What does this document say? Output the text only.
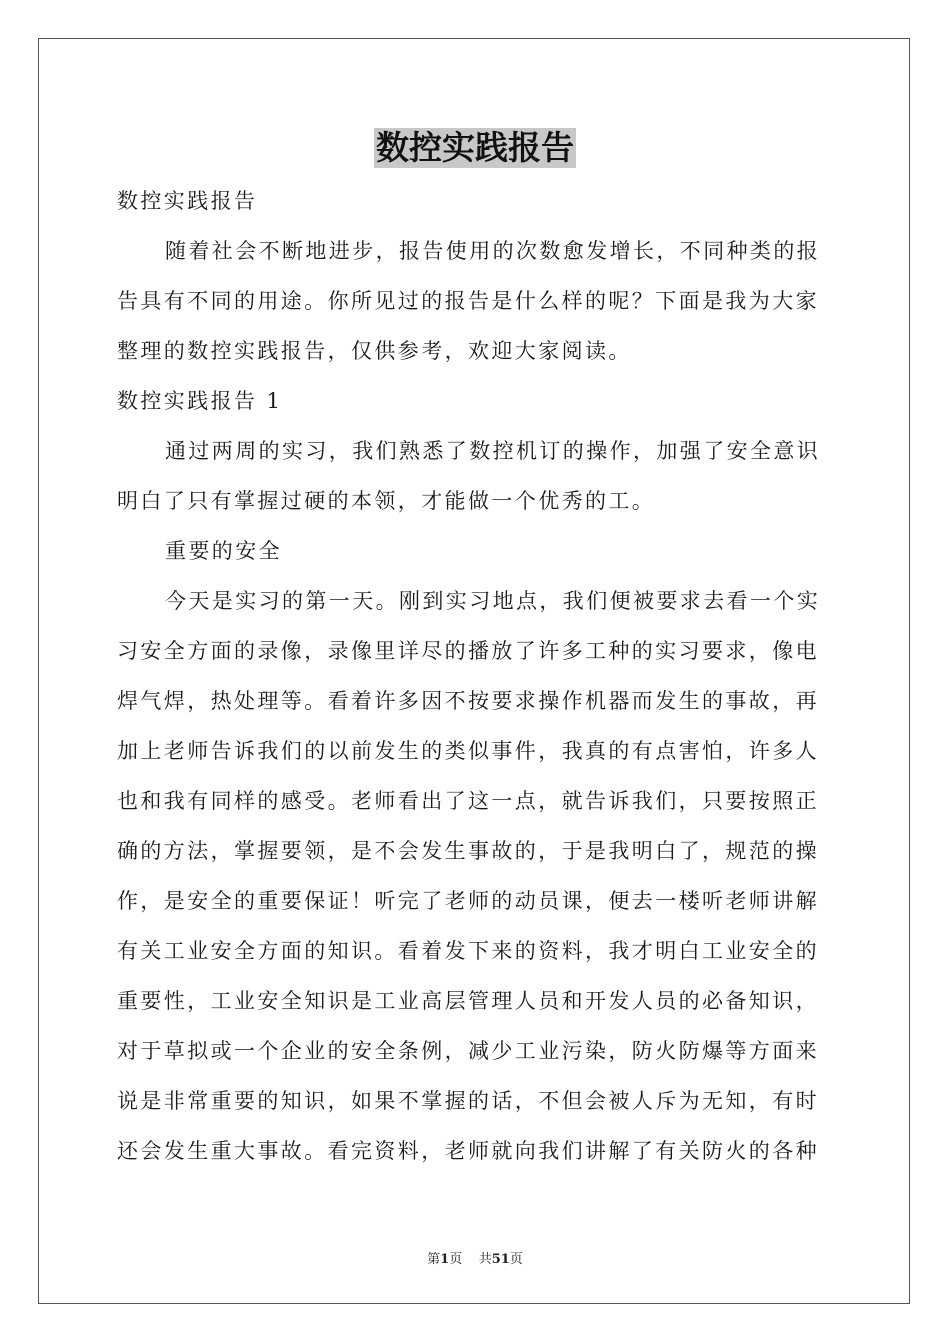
数控实践报告
数控实践报告
随着社会不断地进步，报告使用的次数愈发增长，不同种类的报
告具有不同的用途。你所见过的报告是什么样的呢？下面是我为大家
整理的数控实践报告，仅供参考，欢迎大家阅读。
数控实践报告 1
通过两周的实习，我们熟悉了数控机订的操作，加强了安全意识
明白了只有掌握过硬的本领，才能做一个优秀的工。
重要的安全
今天是实习的第一天。刚到实习地点，我们便被要求去看一个实
习安全方面的录像，录像里详尽的播放了许多工种的实习要求，像电
焊气焊，热处理等。看着许多因不按要求操作机器而发生的事故，再
加上老师告诉我们的以前发生的类似事件，我真的有点害怕，许多人
也和我有同样的感受。老师看出了这一点，就告诉我们，只要按照正
确的方法，掌握要领，是不会发生事故的，于是我明白了，规范的操
作，是安全的重要保证！听完了老师的动员课，便去一楼听老师讲解
有关工业安全方面的知识。看着发下来的资料，我才明白工业安全的
重要性，工业安全知识是工业高层管理人员和开发人员的必备知识，
对于草拟或一个企业的安全条例，减少工业污染，防火防爆等方面来
说是非常重要的知识，如果不掌握的话，不但会被人斥为无知，有时
还会发生重大事故。看完资料，老师就向我们讲解了有关防火的各种
第1页 共51页
